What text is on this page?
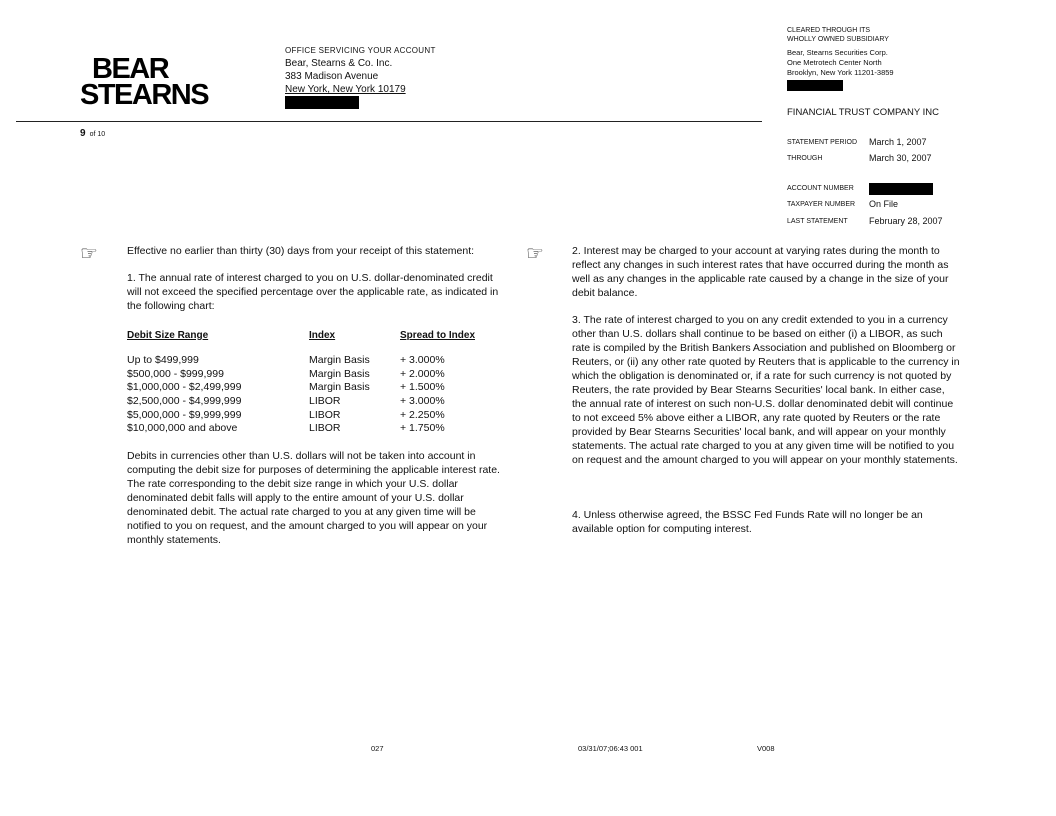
BEAR
STEARNS
OFFICE SERVICING YOUR ACCOUNT
Bear, Stearns & Co. Inc.
383 Madison Avenue
New York, New York 10179
CLEARED THROUGH ITS
WHOLLY OWNED SUBSIDIARY
Bear, Stearns Securities Corp.
One Metrotech Center North
Brooklyn, New York 11201-3859
FINANCIAL TRUST COMPANY INC
STATEMENT PERIOD March 1, 2007
THROUGH	March 30, 2007
ACCOUNT NUMBER
TAXPAYER NUMBER On File
LAST STATEMENT February 28, 2007
9 of 10
☞	Effective no earlier than thirty (30) days from your receipt of this statement:
1. The annual rate of interest charged to you on U.S. dollar-denominated credit will not exceed the specified percentage over the applicable rate, as indicated in the following chart:
Debit Size Range	Index	Spread to Index

Up to $499,999	Margin Basis	+ 3.000%
$500,000 - $999,999	Margin Basis	+ 2.000%
$1,000,000 - $2,499,999	Margin Basis	+ 1.500%
$2,500,000 - $4,999,999	LIBOR	+ 3.000%
$5,000,000 - $9,999,999	LIBOR	+ 2.250%
$10,000,000 and above	LIBOR	+ 1.750%
Debits in currencies other than U.S. dollars will not be taken into account in computing the debit size for purposes of determining the applicable interest rate. The rate corresponding to the debit size range in which your U.S. dollar denominated debit falls will apply to the entire amount of your U.S. dollar denominated debit. The actual rate charged to you at any given time will be notified to you on request, and the amount charged to you will appear on your monthly statements.
☞	2. Interest may be charged to your account at varying rates during the month to reflect any changes in such interest rates that have occurred during the month as well as any changes in the applicable rate caused by a change in the size of your debit balance.
3. The rate of interest charged to you on any credit extended to you in a currency other than U.S. dollars shall continue to be based on either (i) a LIBOR, as such rate is compiled by the British Bankers Association and published on Bloomberg or Reuters, or (ii) any other rate quoted by Reuters that is applicable to the currency in which the obligation is denominated or, if a rate for such currency is not quoted by Reuters, the rate provided by Bear Stearns Securities' local bank. In either case, the annual rate of interest on such non-U.S. dollar denominated debit will continue to not exceed 5% above either a LIBOR, any rate quoted by Reuters or the rate provided by Bear Stearns Securities' local bank, and will appear on your monthly statements. The actual rate charged to you at any given time will be notified to you on request and the amount charged to you will appear on your monthly statements.
4. Unless otherwise agreed, the BSSC Fed Funds Rate will no longer be an available option for computing interest.
027	03/31/07;06:43 001	V008
